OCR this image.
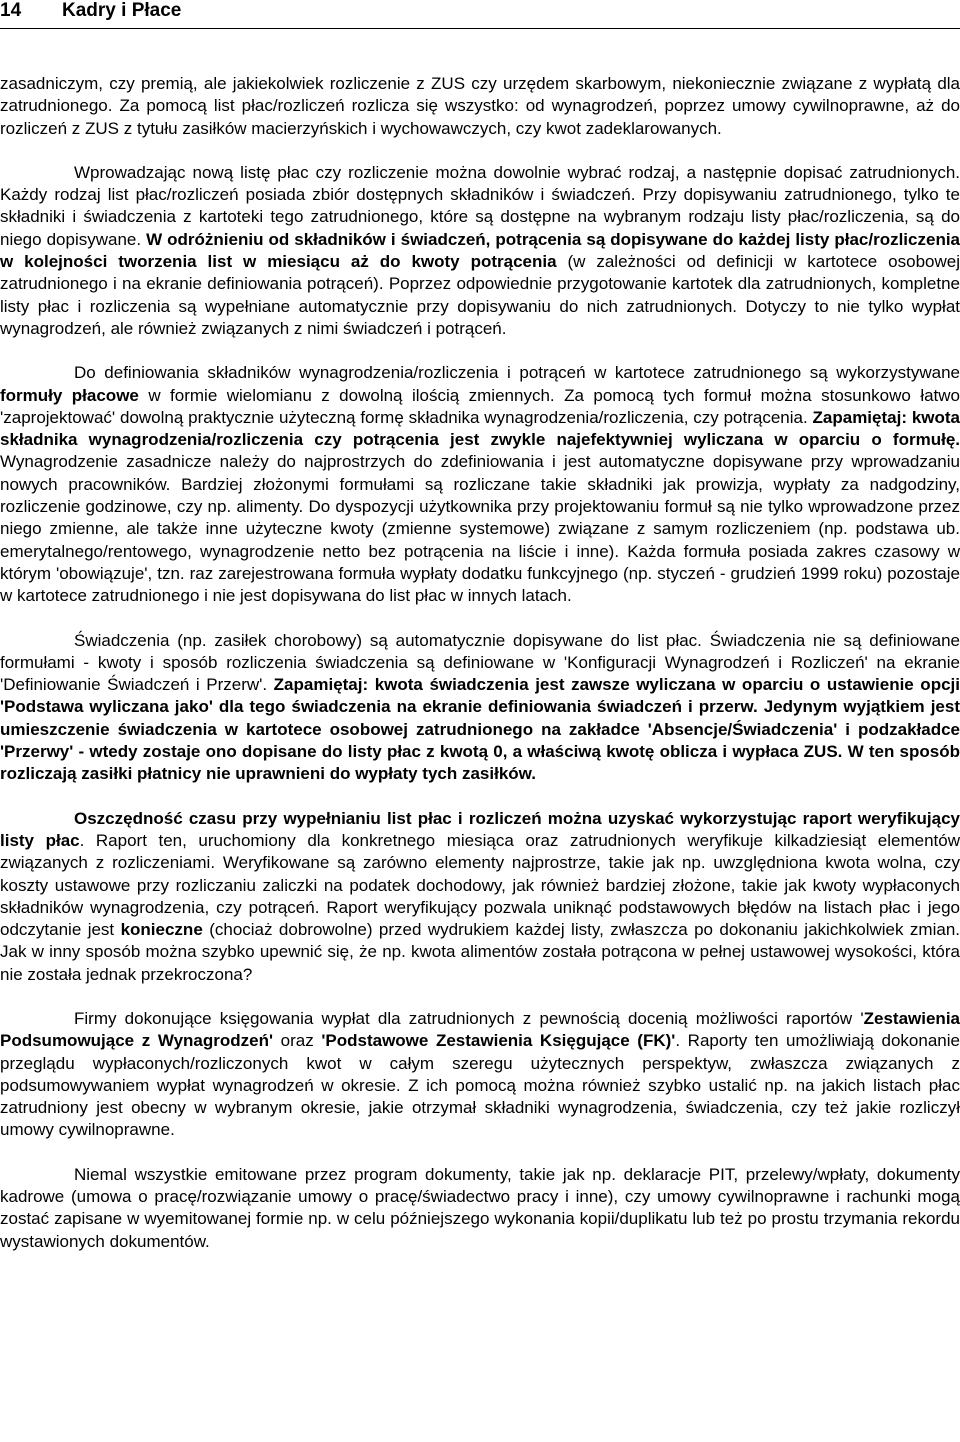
14 Kadry i Płace

zasadniczym, czy premią, ale jakiekolwiek rozliczenie z ZUS czy urzędem skarbowym, niekoniecznie związane z wypłatą dla zatrudnionego. Za pomocą list płac/rozliczeń rozlicza się wszystko: od wynagrodzeń, poprzez umowy cywilnoprawne, aż do rozliczeń z ZUS z tytułu zasiłków macierzyńskich i wychowawczych, czy kwot zadeklarowanych.

Wprowadzając nową listę płac czy rozliczenie można dowolnie wybrać rodzaj, a następnie dopisać zatrudnionych. Każdy rodzaj list płac/rozliczeń posiada zbiór dostępnych składników i świadczeń. Przy dopisywaniu zatrudnionego, tylko te składniki i świadczenia z kartoteki tego zatrudnionego, które są dostępne na wybranym rodzaju listy płac/rozliczenia, są do niego dopisywane. W odróżnieniu od składników i świadczeń, potrącenia są dopisywane do każdej listy płac/rozliczenia w kolejności tworzenia list w miesiącu aż do kwoty potrącenia (w zależności od definicji w kartotece osobowej zatrudnionego i na ekranie definiowania potrąceń). Poprzez odpowiednie przygotowanie kartotek dla zatrudnionych, kompletne listy płac i rozliczenia są wypełniane automatycznie przy dopisywaniu do nich zatrudnionych. Dotyczy to nie tylko wypłat wynagrodzeń, ale również związanych z nimi świadczeń i potrąceń.

Do definiowania składników wynagrodzenia/rozliczenia i potrąceń w kartotece zatrudnionego są wykorzystywane formuły płacowe w formie wielomianu z dowolną ilością zmiennych. Za pomocą tych formuł można stosunkowo łatwo 'zaprojektować' dowolną praktycznie użyteczną formę składnika wynagrodzenia/rozliczenia, czy potrącenia. Zapamiętaj: kwota składnika wynagrodzenia/rozliczenia czy potrącenia jest zwykle najefektywniej wyliczana w oparciu o formułę. Wynagrodzenie zasadnicze należy do najprostrzych do zdefiniowania i jest automatyczne dopisywane przy wprowadzaniu nowych pracowników. Bardziej złożonymi formułami są rozliczane takie składniki jak prowizja, wypłaty za nadgodziny, rozliczenie godzinowe, czy np. alimenty. Do dyspozycji użytkownika przy projektowaniu formuł są nie tylko wprowadzone przez niego zmienne, ale także inne użyteczne kwoty (zmienne systemowe) związane z samym rozliczeniem (np. podstawa ub. emerytalnego/rentowego, wynagrodzenie netto bez potrącenia na liście i inne). Każda formuła posiada zakres czasowy w którym 'obowiązuje', tzn. raz zarejestrowana formuła wypłaty dodatku funkcyjnego (np. styczeń - grudzień 1999 roku) pozostaje w kartotece zatrudnionego i nie jest dopisywana do list płac w innych latach.

Świadczenia (np. zasiłek chorobowy) są automatycznie dopisywane do list płac. Świadczenia nie są definiowane formułami - kwoty i sposób rozliczenia świadczenia są definiowane w 'Konfiguracji Wynagrodzeń i Rozliczeń' na ekranie 'Definiowanie Świadczeń i Przerw'. Zapamiętaj: kwota świadczenia jest zawsze wyliczana w oparciu o ustawienie opcji 'Podstawa wyliczana jako' dla tego świadczenia na ekranie definiowania świadczeń i przerw. Jedynym wyjątkiem jest umieszczenie świadczenia w kartotece osobowej zatrudnionego na zakładce 'Absencje/Świadczenia' i podzakładce 'Przerwy' - wtedy zostaje ono dopisane do listy płac z kwotą 0, a właściwą kwotę oblicza i wypłaca ZUS. W ten sposób rozliczają zasiłki płatnicy nie uprawnieni do wypłaty tych zasiłków.

Oszczędność czasu przy wypełnianiu list płac i rozliczeń można uzyskać wykorzystując raport weryfikujący listy płac. Raport ten, uruchomiony dla konkretnego miesiąca oraz zatrudnionych weryfikuje kilkadziesiąt elementów związanych z rozliczeniami. Weryfikowane są zarówno elementy najprostrze, takie jak np. uwzględniona kwota wolna, czy koszty ustawowe przy rozliczaniu zaliczki na podatek dochodowy, jak również bardziej złożone, takie jak kwoty wypłaconych składników wynagrodzenia, czy potrąceń. Raport weryfikujący pozwala uniknąć podstawowych błędów na listach płac i jego odczytanie jest konieczne (chociaż dobrowolne) przed wydrukiem każdej listy, zwłaszcza po dokonaniu jakichkolwiek zmian. Jak w inny sposób można szybko upewnić się, że np. kwota alimentów została potrącona w pełnej ustawowej wysokości, która nie została jednak przekroczona?

Firmy dokonujące księgowania wypłat dla zatrudnionych z pewnością docenią możliwości raportów 'Zestawienia Podsumowujące z Wynagrodzeń' oraz 'Podstawowe Zestawienia Księgujące (FK)'. Raporty ten umożliwiają dokonanie przeglądu wypłaconych/rozliczonych kwot w całym szeregu użytecznych perspektyw, zwłaszcza związanych z podsumowywaniem wypłat wynagrodzeń w okresie. Z ich pomocą można również szybko ustalić np. na jakich listach płac zatrudniony jest obecny w wybranym okresie, jakie otrzymał składniki wynagrodzenia, świadczenia, czy też jakie rozliczył umowy cywilnoprawne.

Niemal wszystkie emitowane przez program dokumenty, takie jak np. deklaracje PIT, przelewy/wpłaty, dokumenty kadrowe (umowa o pracę/rozwiązanie umowy o pracę/świadectwo pracy i inne), czy umowy cywilnoprawne i rachunki mogą zostać zapisane w wyemitowanej formie np. w celu późniejszego wykonania kopii/duplikatu lub też po prostu trzymania rekordu wystawionych dokumentów.
